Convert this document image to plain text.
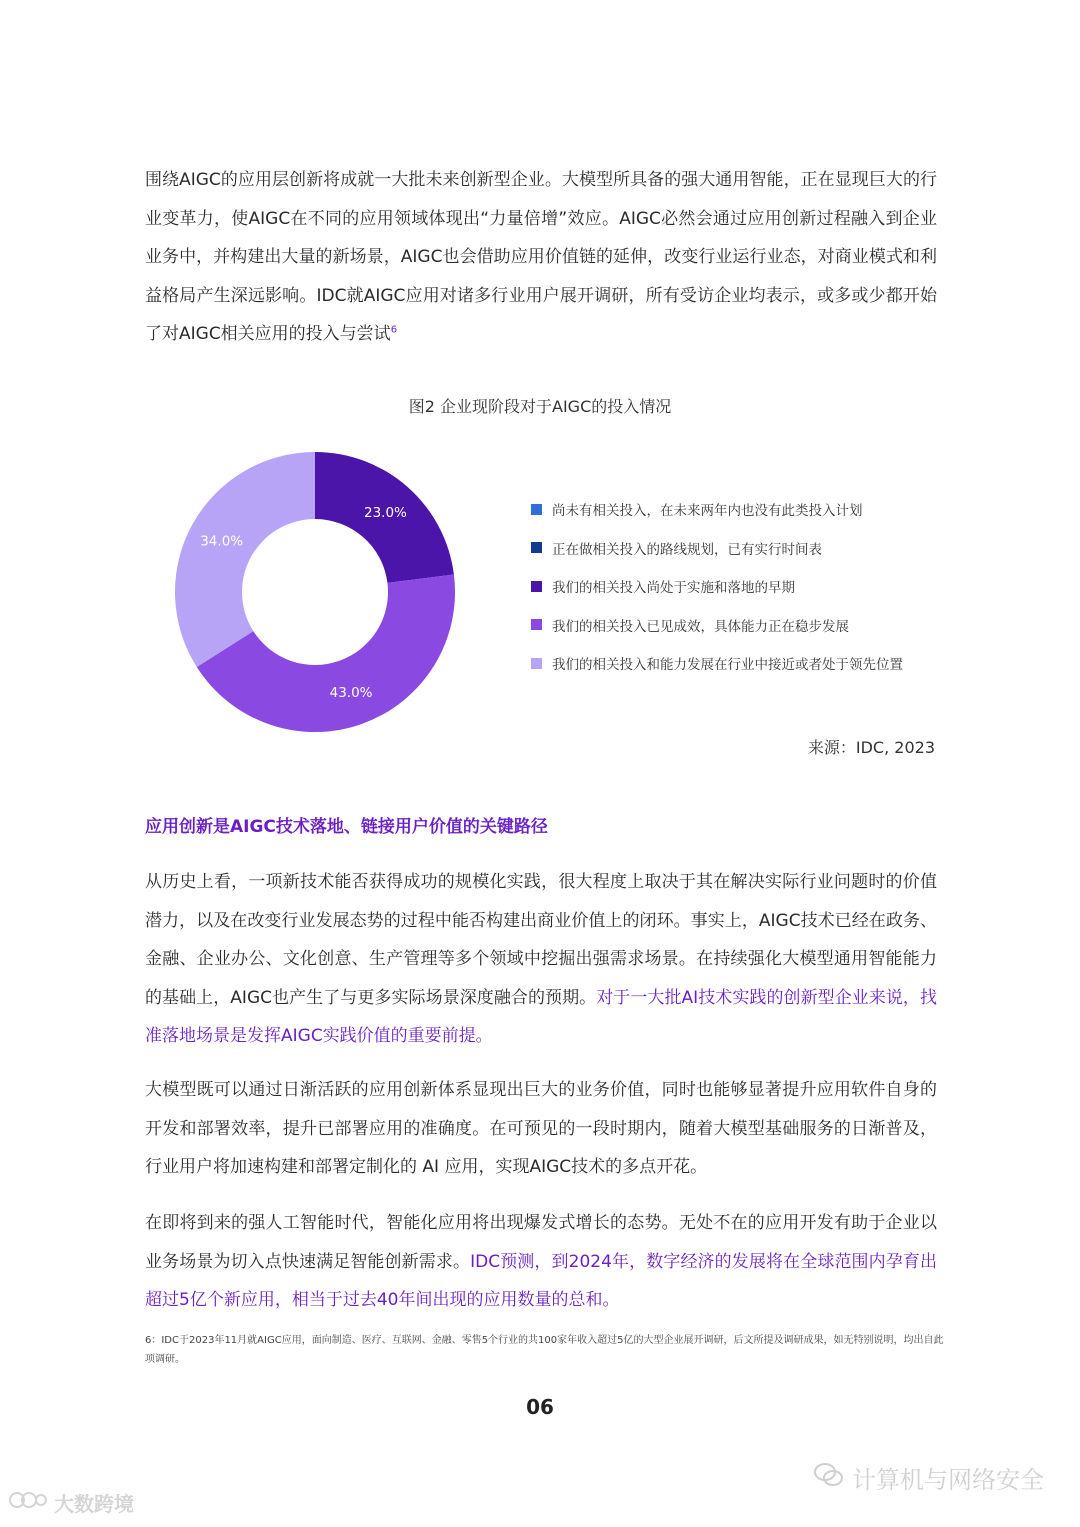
围绕AIGC的应用层创新将成就一大批未来创新型企业。大模型所具备的强大通用智能，正在显现巨大的行业变革力，使AIGC在不同的应用领域体现出“力量倍增”效应。AIGC必然会通过应用创新过程融入到企业业务中，并构建出大量的新场景，AIGC也会借助应用价值链的延伸，改变行业运行业态，对商业模式和利益格局产生深远影响。IDC就AIGC应用对诸多行业用户展开调研，所有受访企业均表示，或多或少都开始了对AIGC相关应用的投入与尝试$^6$

图2 企业现阶段对于AIGC的投入情况
23.0%
43.0%
34.0%
尚未有相关投入，在未来两年内也没有此类投入计划
正在做相关投入的路线规划，已有实行时间表
我们的相关投入尚处于实施和落地的早期
我们的相关投入已见成效，具体能力正在稳步发展
我们的相关投入和能力发展在行业中接近或者处于领先位置
来源：IDC, 2023
应用创新是AIGC技术落地、链接用户价值的关键路径

从历史上看，一项新技术能否获得成功的规模化实践，很大程度上取决于其在解决实际行业问题时的价值潜力，以及在改变行业发展态势的过程中能否构建出商业价值上的闭环。事实上，AIGC技术已经在政务、金融、企业办公、文化创意、生产管理等多个领域中挖掘出强需求场景。在持续强化大模型通用智能能力的基础上，AIGC也产生了与更多实际场景深度融合的预期。对于一大批AI技术实践的创新型企业来说，找准落地场景是发挥AIGC实践价值的重要前提。

大模型既可以通过日渐活跃的应用创新体系显现出巨大的业务价值，同时也能够显著提升应用软件自身的开发和部署效率，提升已部署应用的准确度。在可预见的一段时期内，随着大模型基础服务的日渐普及，行业用户将加速构建和部署定制化的 AI 应用，实现AIGC技术的多点开花。

在即将到来的强人工智能时代，智能化应用将出现爆发式增长的态势。无处不在的应用开发有助于企业以业务场景为切入点快速满足智能创新需求。IDC预测，到2024年，数字经济的发展将在全球范围内孕育出超过5亿个新应用，相当于过去40年间出现的应用数量的总和。

6：IDC于2023年11月就AIGC应用，面向制造、医疗、互联网、金融、零售5个行业的共100家年收入超过5亿的大型企业展开调研，后文所提及调研成果，如无特别说明，均出自此项调研。
06
计算机与网络安全
大数跨境
